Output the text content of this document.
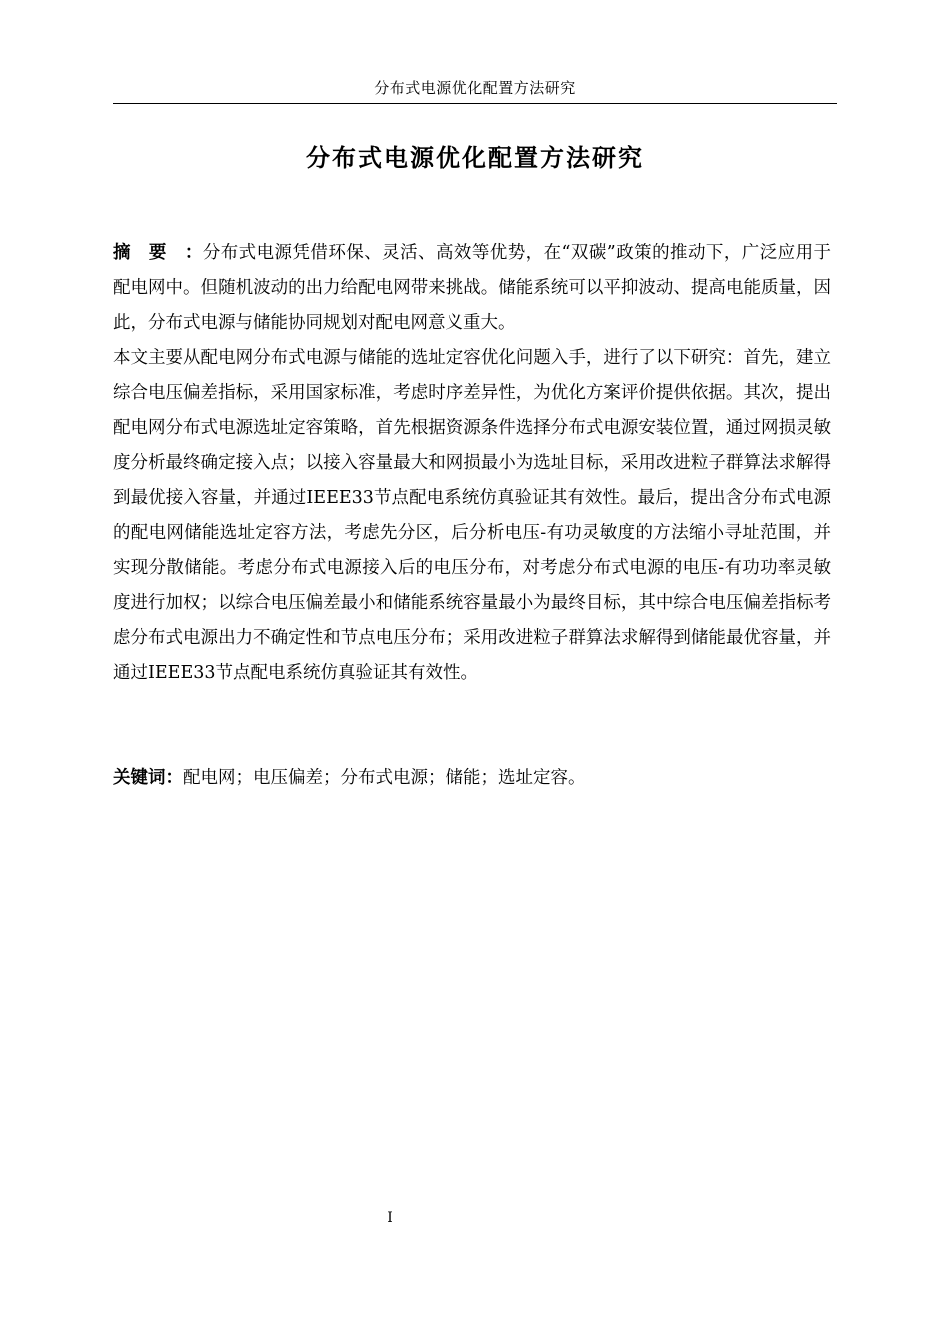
分布式电源优化配置方法研究
分布式电源优化配置方法研究

摘要：分布式电源凭借环保、灵活、高效等优势，在“双碳”政策的推动下，广泛应用于配电网中。但随机波动的出力给配电网带来挑战。储能系统可以平抑波动、提高电能质量，因此，分布式电源与储能协同规划对配电网意义重大。

本文主要从配电网分布式电源与储能的选址定容优化问题入手，进行了以下研究：首先，建立综合电压偏差指标，采用国家标准，考虑时序差异性，为优化方案评价提供依据。其次，提出配电网分布式电源选址定容策略，首先根据资源条件选择分布式电源安装位置，通过网损灵敏度分析最终确定接入点；以接入容量最大和网损最小为选址目标，采用改进粒子群算法求解得到最优接入容量，并通过IEEE33节点配电系统仿真验证其有效性。最后，提出含分布式电源的配电网储能选址定容方法，考虑先分区，后分析电压-有功灵敏度的方法缩小寻址范围，并实现分散储能。考虑分布式电源接入后的电压分布，对考虑分布式电源的电压-有功功率灵敏度进行加权；以综合电压偏差最小和储能系统容量最小为最终目标，其中综合电压偏差指标考虑分布式电源出力不确定性和节点电压分布；采用改进粒子群算法求解得到储能最优容量，并通过IEEE33节点配电系统仿真验证其有效性。

关键词：配电网；电压偏差；分布式电源；储能；选址定容。

I
